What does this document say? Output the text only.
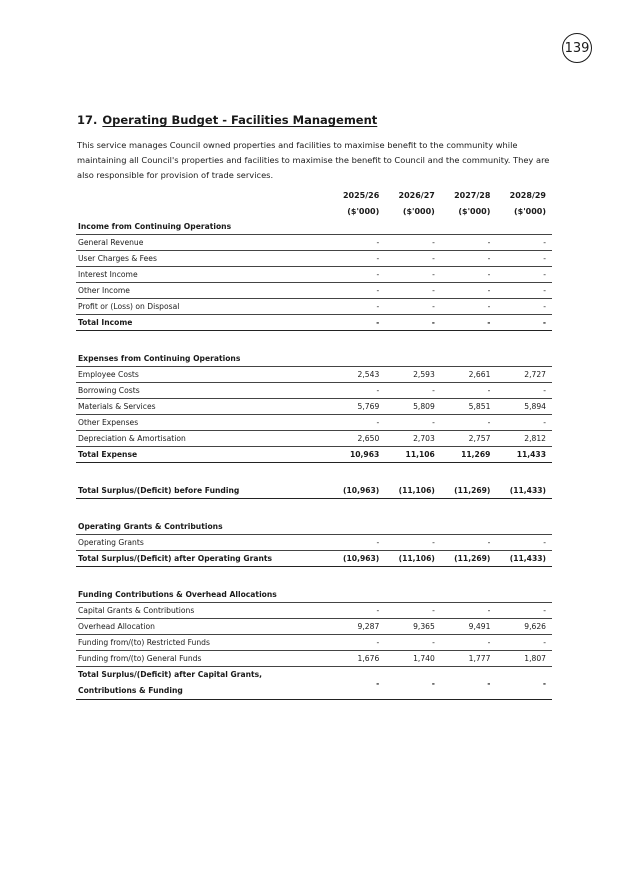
139
17. Operating Budget - Facilities Management
This service manages Council owned properties and facilities to maximise benefit to the community while maintaining all Council's properties and facilities to maximise the benefit to Council and the community. They are also responsible for provision of trade services.
	2025/26	2026/27	2027/28	2028/29
	($'000)	($'000)	($'000)	($'000)
Income from Continuing Operations				
General Revenue	-	-	-	-
User Charges & Fees	-	-	-	-
Interest Income	-	-	-	-
Other Income	-	-	-	-
Profit or (Loss) on Disposal	-	-	-	-
Total Income	-	-	-	-

Expenses from Continuing Operations				
Employee Costs	2,543	2,593	2,661	2,727
Borrowing Costs	-	-	-	-
Materials & Services	5,769	5,809	5,851	5,894
Other Expenses	-	-	-	-
Depreciation & Amortisation	2,650	2,703	2,757	2,812
Total Expense	10,963	11,106	11,269	11,433

Total Surplus/(Deficit) before Funding	(10,963)	(11,106)	(11,269)	(11,433)

Operating Grants & Contributions				
Operating Grants	-	-	-	-
Total Surplus/(Deficit) after Operating Grants	(10,963)	(11,106)	(11,269)	(11,433)

Funding Contributions & Overhead Allocations				
Capital Grants & Contributions	-	-	-	-
Overhead Allocation	9,287	9,365	9,491	9,626
Funding from/(to) Restricted Funds	-	-	-	-
Funding from/(to) General Funds	1,676	1,740	1,777	1,807

Total Surplus/(Deficit) after Capital Grants,
Contributions & Funding	-	-	-	-
